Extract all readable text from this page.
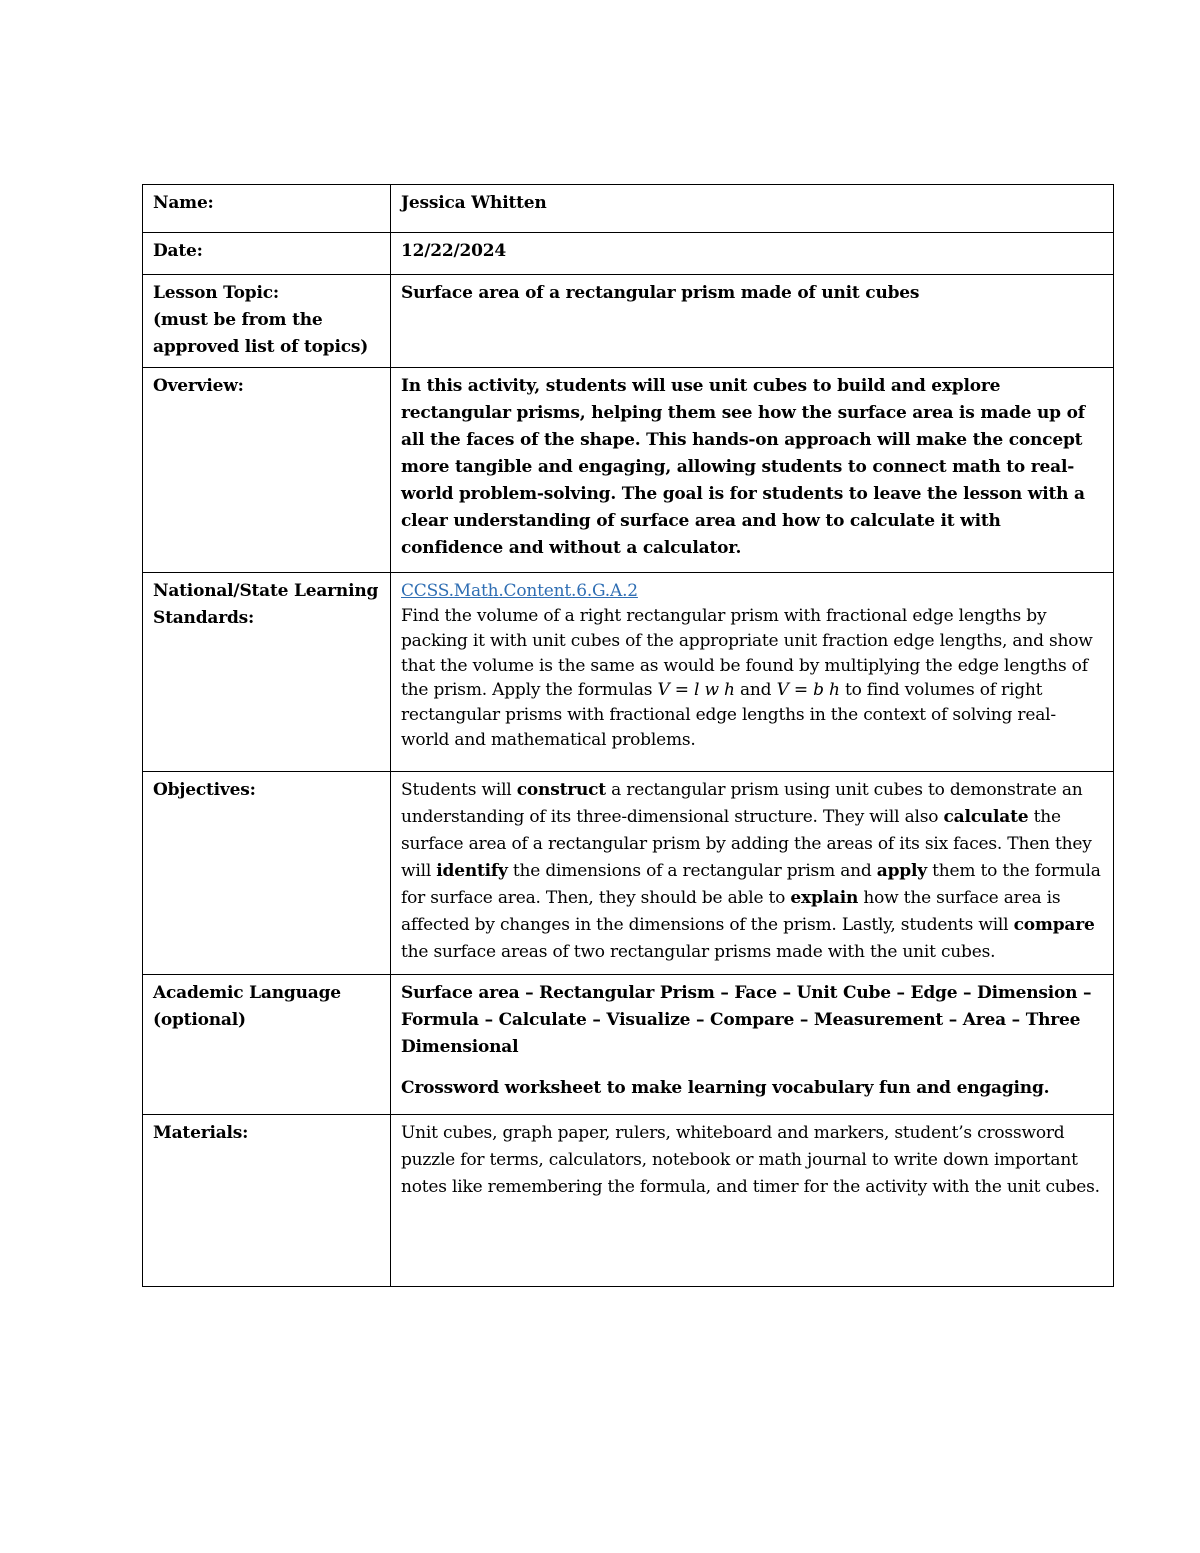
Name:	Jessica Whitten
Date:	12/22/2024

Lesson Topic:
(must be from the approved list of topics)	Surface area of a rectangular prism made of unit cubes
Overview:	In this activity, students will use unit cubes to build and explore rectangular prisms, helping them see how the surface area is made up of all the faces of the shape. This hands-on approach will make the concept more tangible and engaging, allowing students to connect math to real-world problem-solving. The goal is for students to leave the lesson with a clear understanding of surface area and how to calculate it with confidence and without a calculator.
National/State Learning Standards:	CCSS.Math.Content.6.G.A.2
Find the volume of a right rectangular prism with fractional edge lengths by packing it with unit cubes of the appropriate unit fraction edge lengths, and show that the volume is the same as would be found by multiplying the edge lengths of the prism. Apply the formulas V = l w h and V = b h to find volumes of right rectangular prisms with fractional edge lengths in the context of solving real-world and mathematical problems.

Objectives:	Students will construct a rectangular prism using unit cubes to demonstrate an understanding of its three-dimensional structure. They will also calculate the surface area of a rectangular prism by adding the areas of its six faces. Then they will identify the dimensions of a rectangular prism and apply them to the formula for surface area. Then, they should be able to explain how the surface area is affected by changes in the dimensions of the prism. Lastly, students will compare the surface areas of two rectangular prisms made with the unit cubes.

Academic Language
(optional)	Surface area – Rectangular Prism – Face – Unit Cube – Edge – Dimension – Formula – Calculate – Visualize – Compare – Measurement – Area – Three Dimensional
Crossword worksheet to make learning vocabulary fun and engaging.

Materials:	Unit cubes, graph paper, rulers, whiteboard and markers, student’s crossword puzzle for terms, calculators, notebook or math journal to write down important notes like remembering the formula, and timer for the activity with the unit cubes.
